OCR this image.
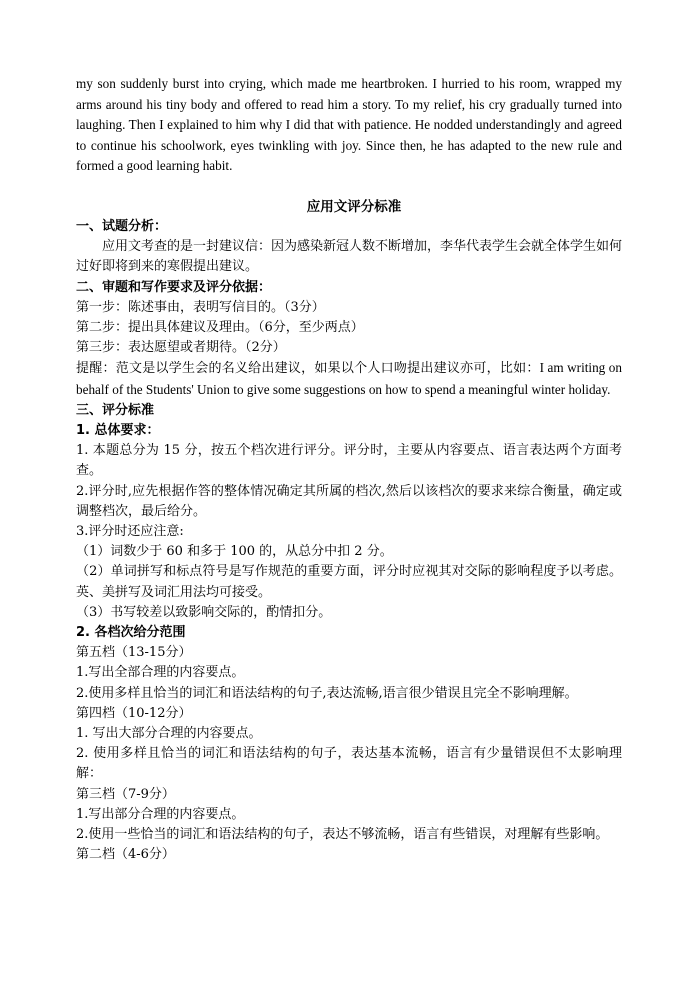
my son suddenly burst into crying, which made me heartbroken. I hurried to his room, wrapped my arms around his tiny body and offered to read him a story. To my relief, his cry gradually turned into laughing. Then I explained to him why I did that with patience. He nodded understandingly and agreed to continue his schoolwork, eyes twinkling with joy. Since then, he has adapted to the new rule and formed a good learning habit.

应用文评分标准

一、试题分析：

应用文考查的是一封建议信：因为感染新冠人数不断增加，李华代表学生会就全体学生如何过好即将到来的寒假提出建议。

二、审题和写作要求及评分依据：

第一步：陈述事由，表明写信目的。（3分）

第二步：提出具体建议及理由。（6分，至少两点）

第三步：表达愿望或者期待。（2分）

提醒：范文是以学生会的名义给出建议，如果以个人口吻提出建议亦可，比如：I am writing on behalf of the Students' Union to give some suggestions on how to spend a meaningful winter holiday.

三、评分标准

1. 总体要求：

1. 本题总分为 15 分，按五个档次进行评分。评分时，主要从内容要点、语言表达两个方面考查。

2.评分时,应先根据作答的整体情况确定其所属的档次,然后以该档次的要求来综合衡量，确定或调整档次，最后给分。

3.评分时还应注意:

（1）词数少于 60 和多于 100 的，从总分中扣 2 分。

（2）单词拼写和标点符号是写作规范的重要方面，评分时应视其对交际的影响程度予以考虑。英、美拼写及词汇用法均可接受。

（3）书写较差以致影响交际的，酌情扣分。

2. 各档次给分范围

第五档（13-15分）

1.写出全部合理的内容要点。

2.使用多样且恰当的词汇和语法结构的句子,表达流畅,语言很少错误且完全不影响理解。

第四档（10-12分）

1. 写出大部分合理的内容要点。

2. 使用多样且恰当的词汇和语法结构的句子，表达基本流畅，语言有少量错误但不太影响理解：

第三档（7-9分）

1.写出部分合理的内容要点。

2.使用一些恰当的词汇和语法结构的句子，表达不够流畅，语言有些错误，对理解有些影响。

第二档（4-6分）
